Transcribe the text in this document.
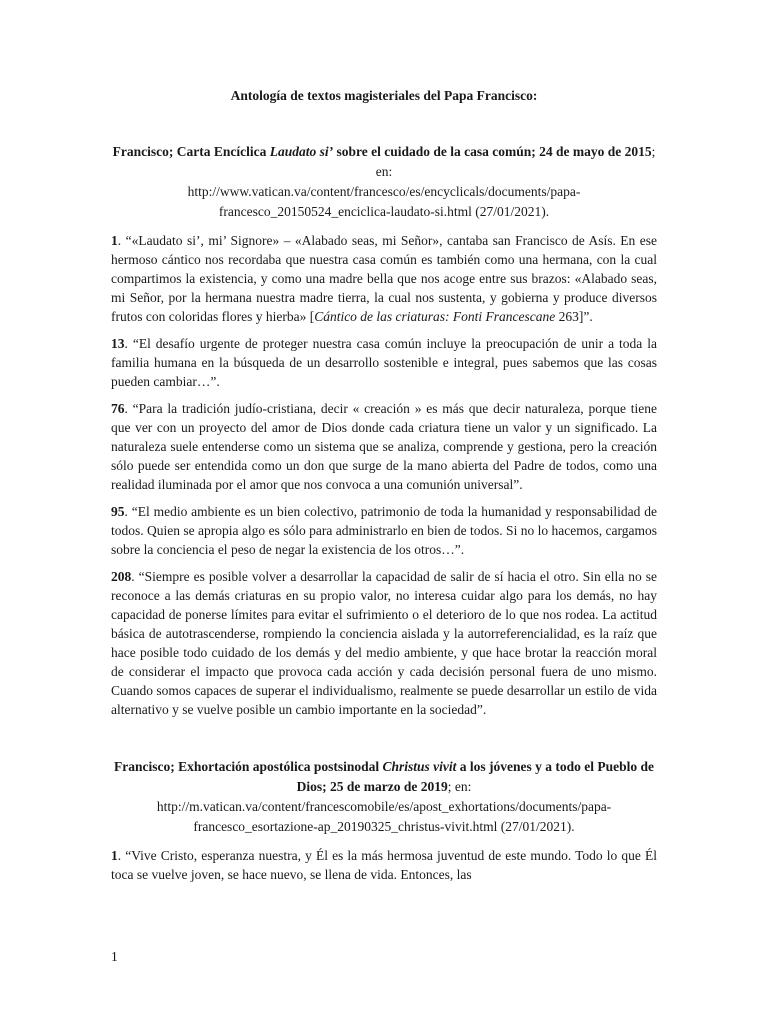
Antología de textos magisteriales del Papa Francisco:
Francisco; Carta Encíclica Laudato si’ sobre el cuidado de la casa común; 24 de mayo de 2015; en:
http://www.vatican.va/content/francesco/es/encyclicals/documents/papa-
francesco_20150524_enciclica-laudato-si.html (27/01/2021).

1. “«Laudato si’, mi’ Signore» – «Alabado seas, mi Señor», cantaba san Francisco de Asís. En ese hermoso cántico nos recordaba que nuestra casa común es también como una hermana, con la cual compartimos la existencia, y como una madre bella que nos acoge entre sus brazos: «Alabado seas, mi Señor, por la hermana nuestra madre tierra, la cual nos sustenta, y gobierna y produce diversos frutos con coloridas flores y hierba» [Cántico de las criaturas: Fonti Francescane 263]”.

13. “El desafío urgente de proteger nuestra casa común incluye la preocupación de unir a toda la familia humana en la búsqueda de un desarrollo sostenible e integral, pues sabemos que las cosas pueden cambiar…”.

76. “Para la tradición judío-cristiana, decir « creación » es más que decir naturaleza, porque tiene que ver con un proyecto del amor de Dios donde cada criatura tiene un valor y un significado. La naturaleza suele entenderse como un sistema que se analiza, comprende y gestiona, pero la creación sólo puede ser entendida como un don que surge de la mano abierta del Padre de todos, como una realidad iluminada por el amor que nos convoca a una comunión universal”.

95. “El medio ambiente es un bien colectivo, patrimonio de toda la humanidad y responsabilidad de todos. Quien se apropia algo es sólo para administrarlo en bien de todos. Si no lo hacemos, cargamos sobre la conciencia el peso de negar la existencia de los otros…”.

208. “Siempre es posible volver a desarrollar la capacidad de salir de sí hacia el otro. Sin ella no se reconoce a las demás criaturas en su propio valor, no interesa cuidar algo para los demás, no hay capacidad de ponerse límites para evitar el sufrimiento o el deterioro de lo que nos rodea. La actitud básica de autotrascenderse, rompiendo la conciencia aislada y la autorreferencialidad, es la raíz que hace posible todo cuidado de los demás y del medio ambiente, y que hace brotar la reacción moral de considerar el impacto que provoca cada acción y cada decisión personal fuera de uno mismo. Cuando somos capaces de superar el individualismo, realmente se puede desarrollar un estilo de vida alternativo y se vuelve posible un cambio importante en la sociedad”.

Francisco; Exhortación apostólica postsinodal Christus vivit a los jóvenes y a todo el Pueblo de Dios; 25 de marzo de 2019; en:
http://m.vatican.va/content/francescomobile/es/apost_exhortations/documents/papa-
francesco_esortazione-ap_20190325_christus-vivit.html (27/01/2021).

1. “Vive Cristo, esperanza nuestra, y Él es la más hermosa juventud de este mundo. Todo lo que Él toca se vuelve joven, se hace nuevo, se llena de vida. Entonces, las

1
